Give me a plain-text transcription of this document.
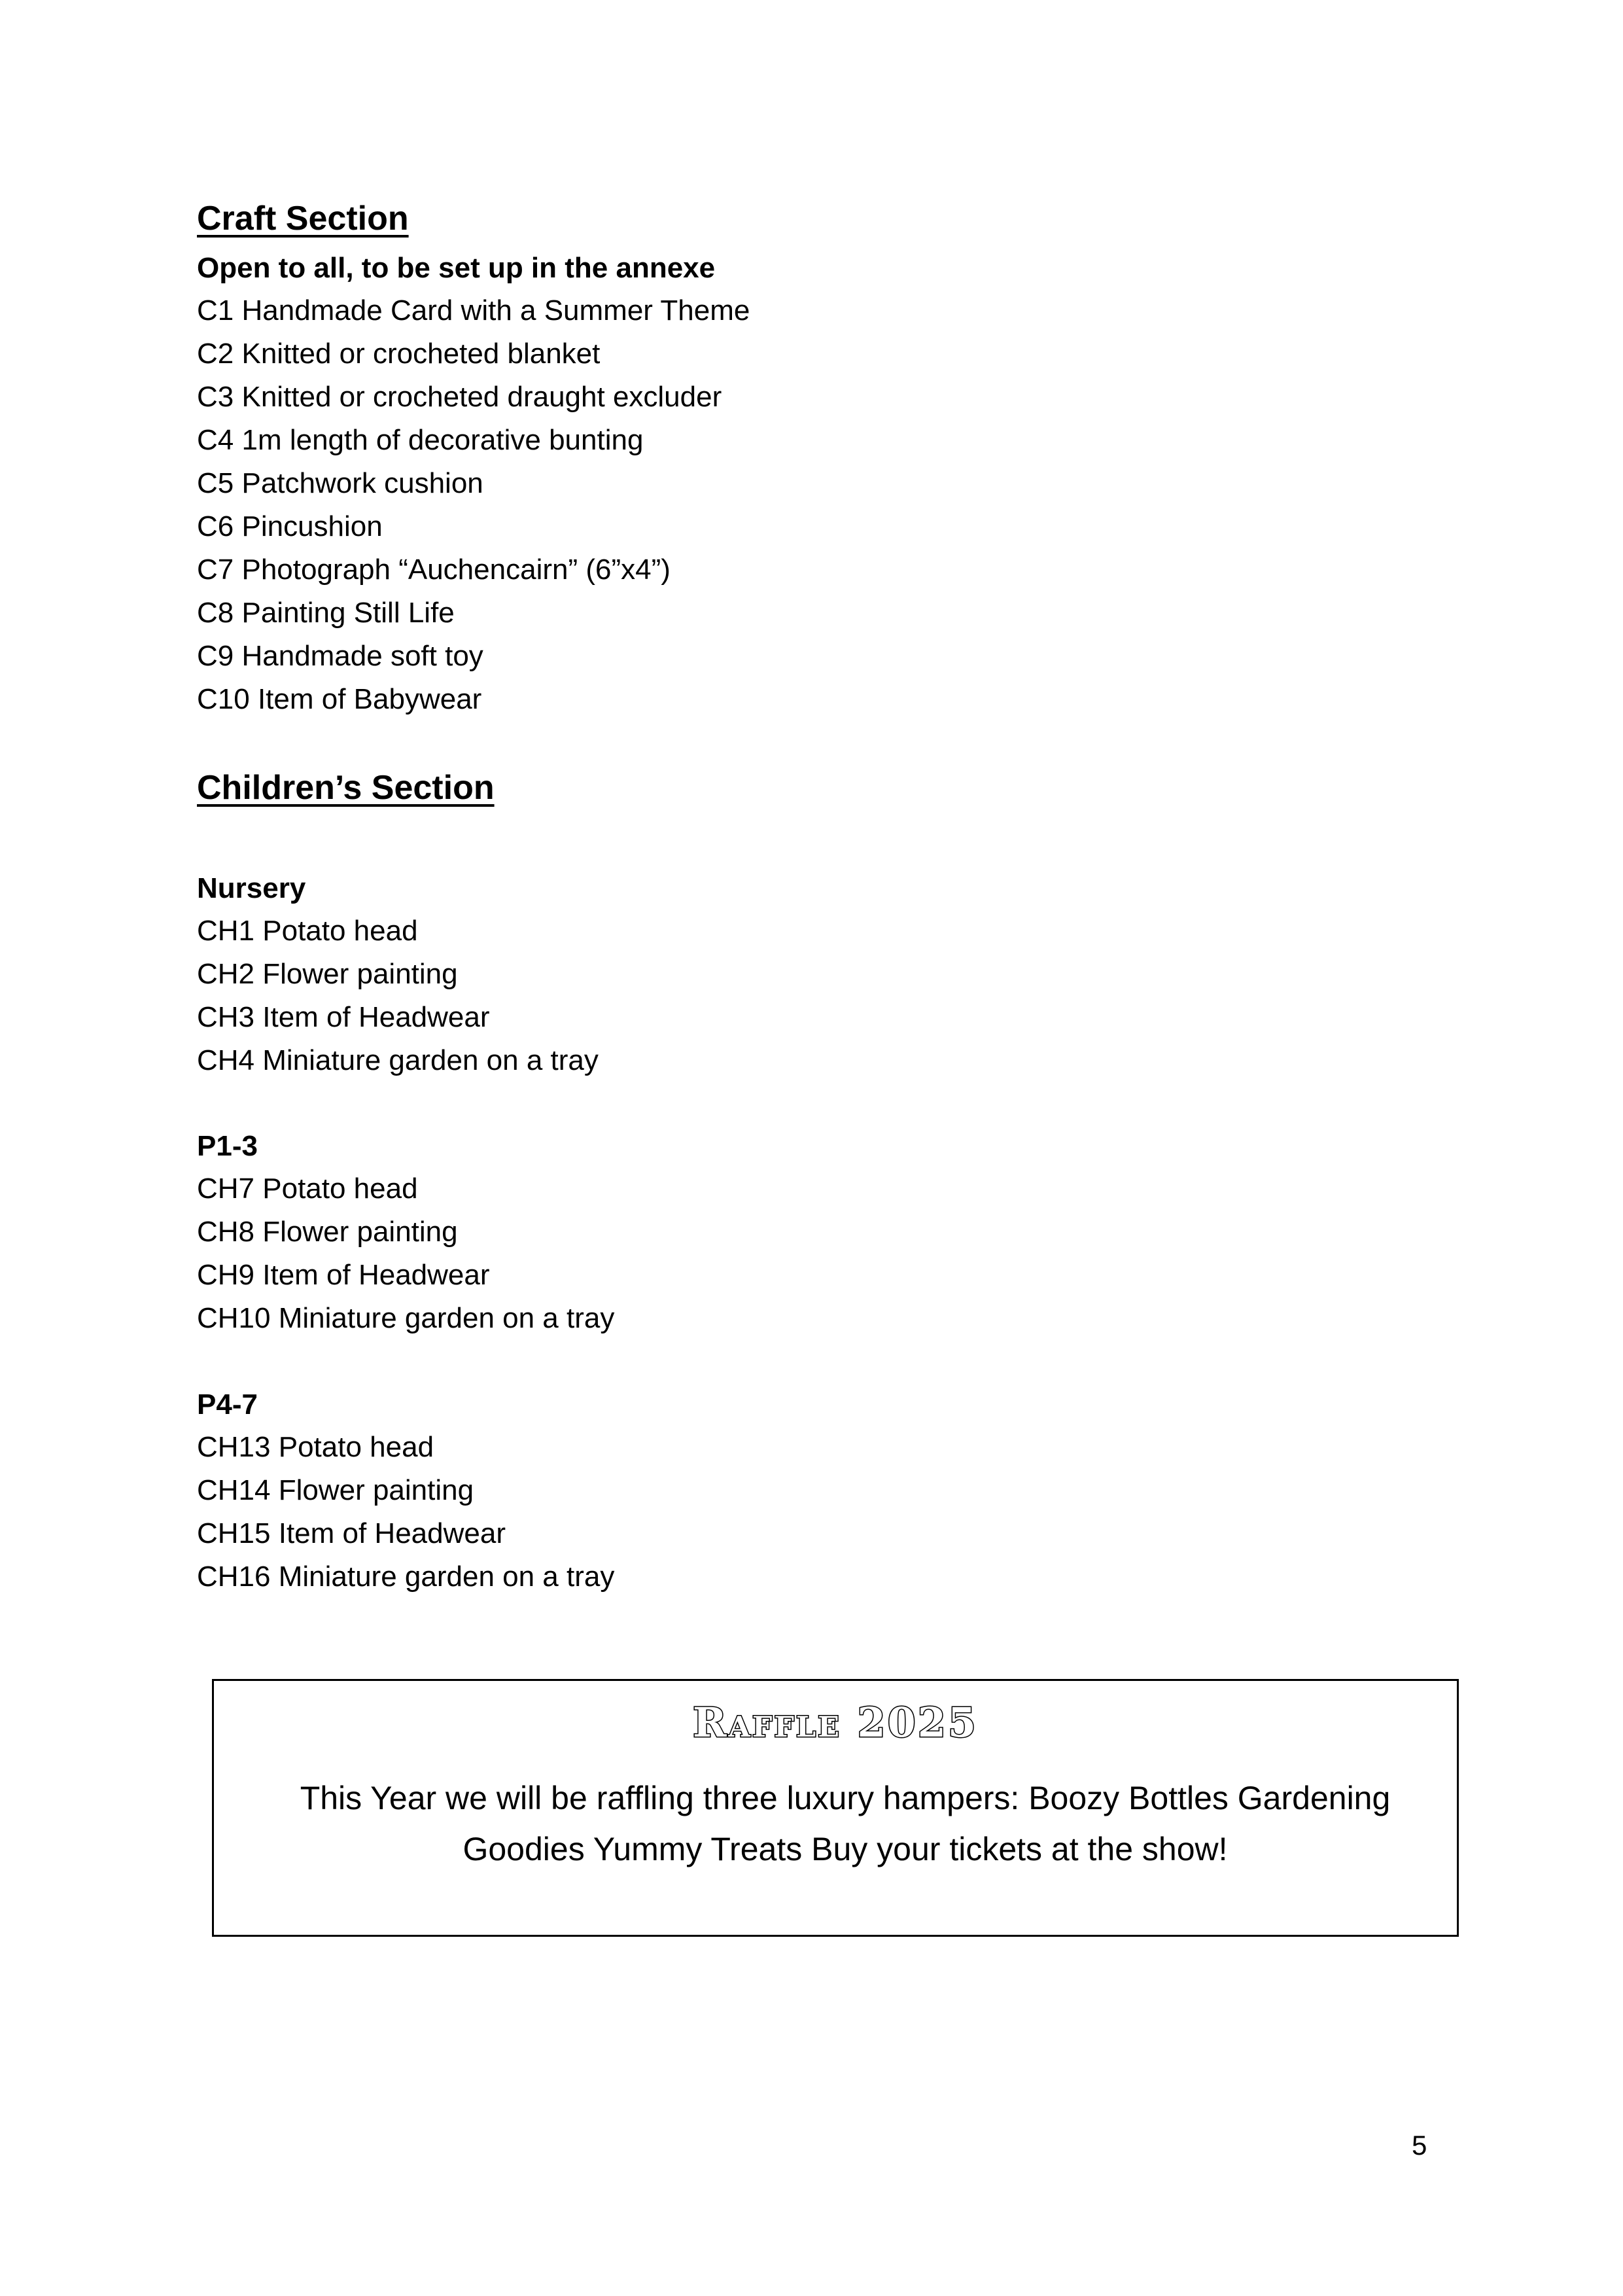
Craft Section
Open to all, to be set up in the annexe
C1 Handmade Card with a Summer Theme
C2 Knitted or crocheted blanket
C3 Knitted or crocheted draught excluder
C4 1m length of decorative bunting
C5 Patchwork cushion
C6 Pincushion
C7 Photograph “Auchencairn” (6”x4”)
C8 Painting Still Life
C9 Handmade soft toy
C10 Item of Babywear
Children’s Section
Nursery
CH1 Potato head
CH2 Flower painting
CH3 Item of Headwear
CH4 Miniature garden on a tray
P1-3
CH7 Potato head
CH8 Flower painting
CH9 Item of Headwear
CH10 Miniature garden on a tray
P4-7
CH13 Potato head
CH14 Flower painting
CH15 Item of Headwear
CH16 Miniature garden on a tray
Raffle 2025

This Year we will be raffling three luxury hampers: Boozy Bottles Gardening Goodies Yummy Treats Buy your tickets at the show!

5
